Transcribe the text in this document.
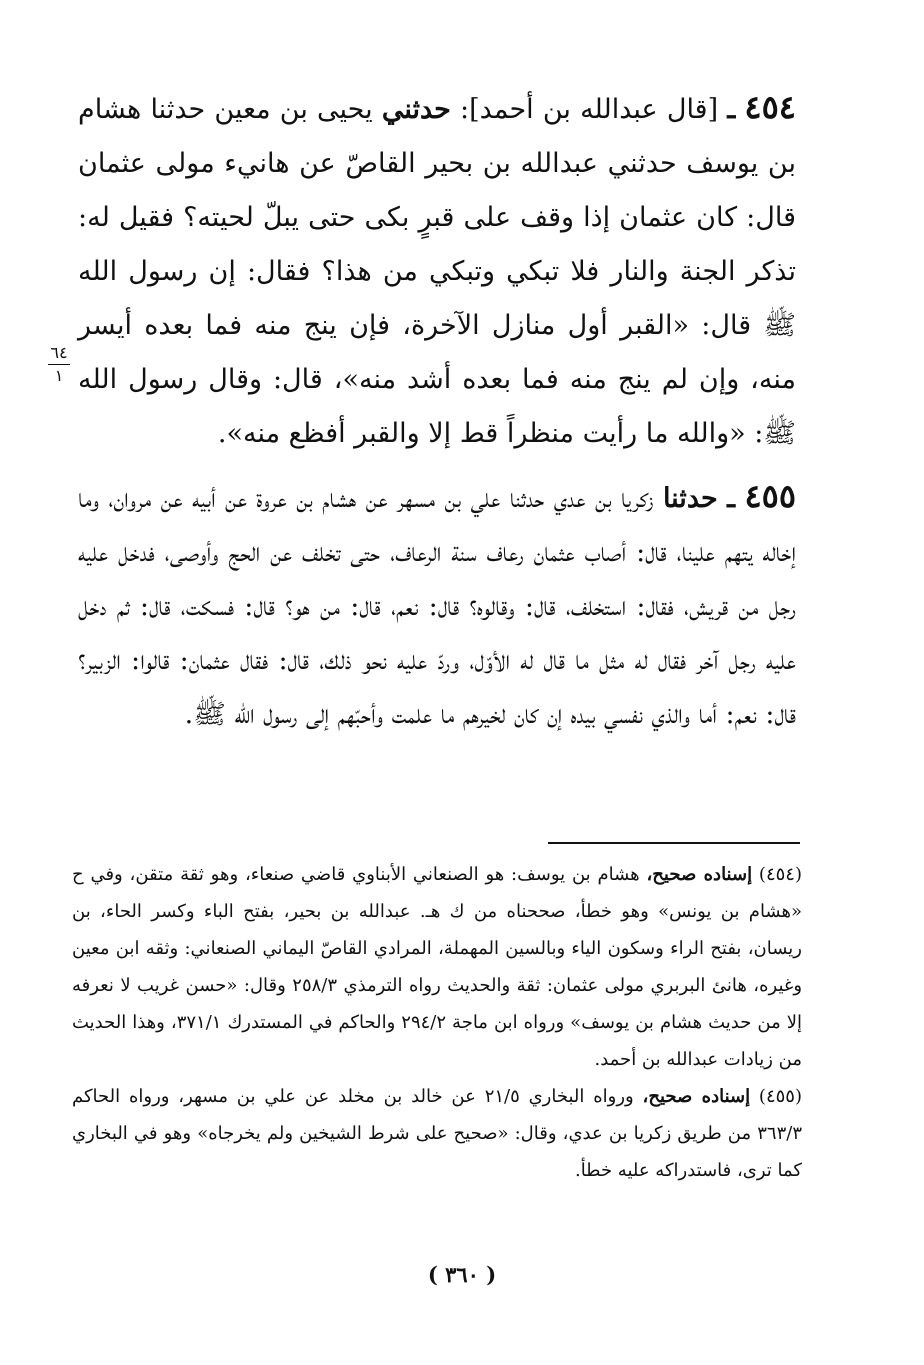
٤٥٤ ـ [قال عبدالله بن أحمد]: حدثني يحيى بن معين حدثنا هشام بن يوسف حدثني عبدالله بن بحير القاصّ عن هانيء مولى عثمان قال: كان عثمان إذا وقف على قبرٍ بكى حتى يبلّ لحيته؟ فقيل له: تذكر الجنة والنار فلا تبكي وتبكي من هذا؟ فقال: إن رسول الله ﷺ قال: «القبر أول منازل الآخرة، فإن ينج منه فما بعده أيسر منه، وإن لم ينج منه فما بعده أشد منه»، قال: وقال رسول الله ﷺ: «والله ما رأيت منظراً قط إلا والقبر أفظع منه».

٤٥٥ ـ حدثنا زكريا بن عدي حدثنا علي بن مسهر عن هشام بن عروة عن أبيه عن مروان، وما إخاله يتهم علينا، قال: أصاب عثمان رعاف سنة الرعاف، حتى تخلف عن الحج وأوصى، فدخل عليه رجل من قريش، فقال: استخلف، قال: وقالوه؟ قال: نعم، قال: من هو؟ قال: فسكت، قال: ثم دخل عليه رجل آخر فقال له مثل ما قال له الأوّل، وردّ عليه نحو ذلك، قال: فقال عثمان: قالوا: الزبير؟ قال: نعم: أما والذي نفسي بيده إن كان لخيرهم ما علمت وأحبّهم إلى رسول الله ﷺ.

٦٤
١

(٤٥٤) إسناده صحيح، هشام بن يوسف: هو الصنعاني الأبناوي قاضي صنعاء، وهو ثقة متقن، وفي ح «هشام بن يونس» وهو خطأ، صححناه من ك هـ. عبدالله بن بحير، بفتح الباء وكسر الحاء، بن ريسان، بفتح الراء وسكون الياء وبالسين المهملة، المرادي القاصّ اليماني الصنعاني: وثقه ابن معين وغيره، هانئ البربري مولى عثمان: ثقة والحديث رواه الترمذي ٢٥٨/٣ وقال: «حسن غريب لا نعرفه إلا من حديث هشام بن يوسف» ورواه ابن ماجة ٢٩٤/٢ والحاكم في المستدرك ٣٧١/١، وهذا الحديث من زيادات عبدالله بن أحمد.

(٤٥٥) إسناده صحيح، ورواه البخاري ٢١/٥ عن خالد بن مخلد عن علي بن مسهر، ورواه الحاكم ٣٦٣/٣ من طريق زكريا بن عدي، وقال: «صحيح على شرط الشيخين ولم يخرجاه» وهو في البخاري كما ترى، فاستدراكه عليه خطأ.

( ٣٦٠ )
